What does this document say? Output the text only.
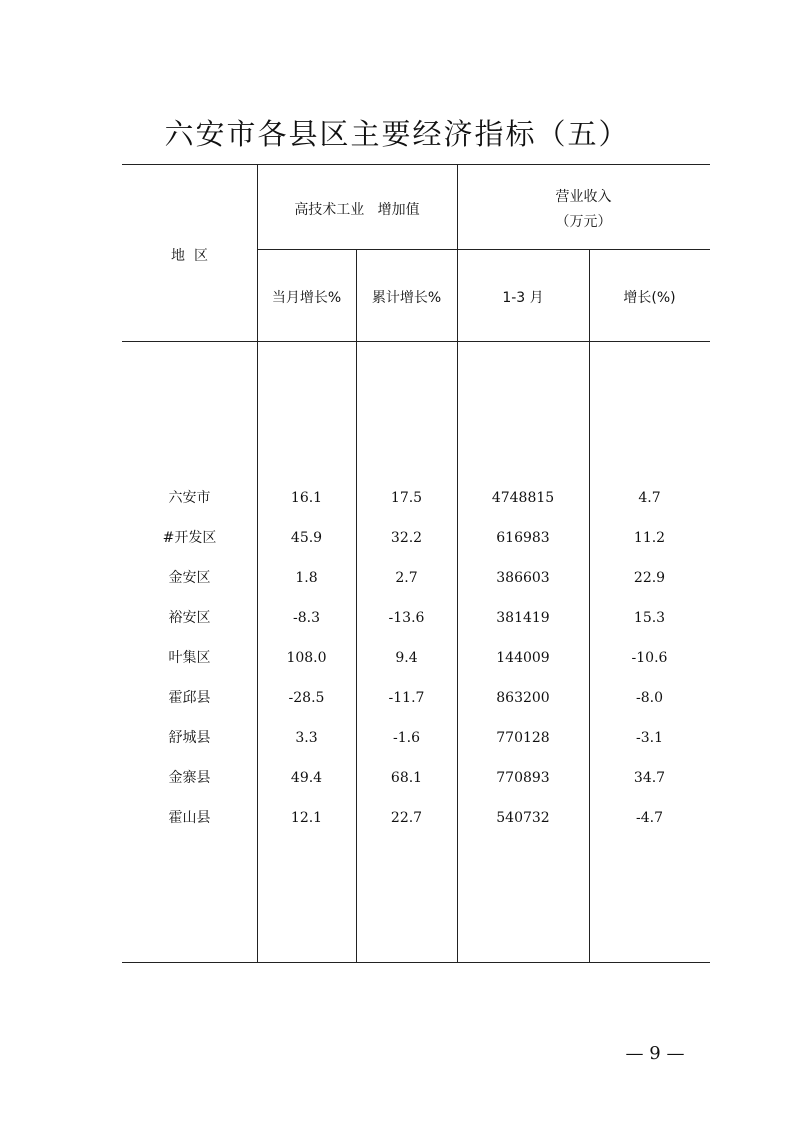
六安市各县区主要经济指标（五）
地  区
高技术工业   增加值
营业收入
（万元）
当月增长%	累计增长%	1-3 月	增长(%)
六安市	16.1	17.5	4748815	4.7
#开发区	45.9	32.2	616983	11.2
金安区	1.8	2.7	386603	22.9
裕安区	-8.3	-13.6	381419	15.3
叶集区	108.0	9.4	144009	-10.6
霍邱县	-28.5	-11.7	863200	-8.0
舒城县	3.3	-1.6	770128	-3.1
金寨县	49.4	68.1	770893	34.7
霍山县	12.1	22.7	540732	-4.7
— 9 —
